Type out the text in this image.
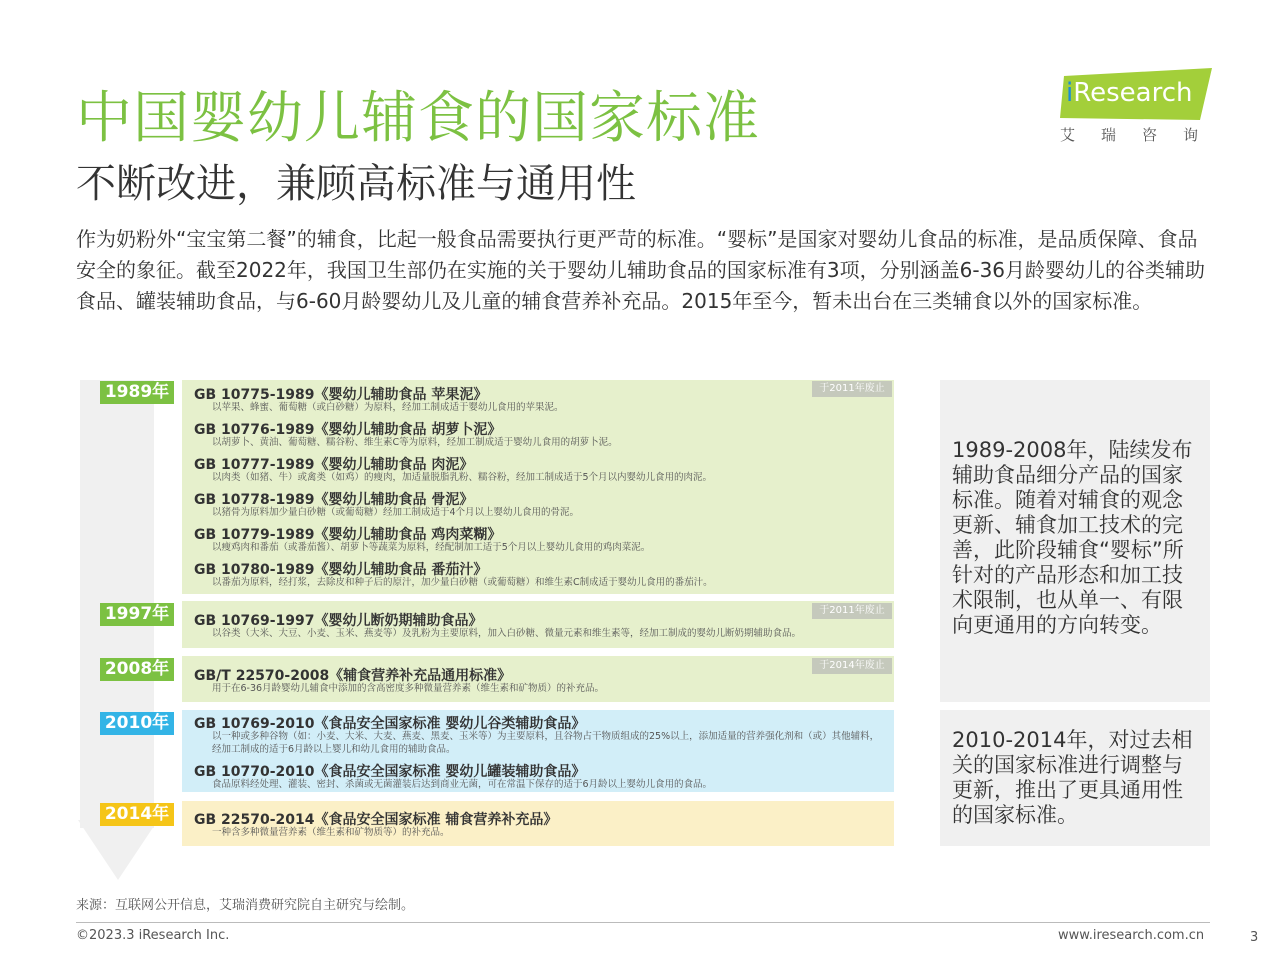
中国婴幼儿辅食的国家标准
不断改进，兼顾高标准与通用性
iResearch
艾瑞咨询
作为奶粉外“宝宝第二餐”的辅食，比起一般食品需要执行更严苛的标准。“婴标”是国家对婴幼儿食品的标准，是品质保障、食品安全的象征。截至2022年，我国卫生部仍在实施的关于婴幼儿辅助食品的国家标准有3项，分别涵盖6-36月龄婴幼儿的谷类辅助食品、罐装辅助食品，与6-60月龄婴幼儿及儿童的辅食营养补充品。2015年至今，暂未出台在三类辅食以外的国家标准。
1989年
1997年
2008年
2010年
2014年
于2011年废止
于2011年废止
于2014年废止
GB 10775-1989《婴幼儿辅助食品 苹果泥》
以苹果、蜂蜜、葡萄糖（或白砂糖）为原料，经加工制成适于婴幼儿食用的苹果泥。
GB 10776-1989《婴幼儿辅助食品 胡萝卜泥》
以胡萝卜、黄油、葡萄糖、糯谷粉、维生素C等为原料，经加工制成适于婴幼儿食用的胡萝卜泥。
GB 10777-1989《婴幼儿辅助食品 肉泥》
以肉类（如猪、牛）或禽类（如鸡）的瘦肉，加适量脱脂乳粉、糯谷粉，经加工制成适于5个月以内婴幼儿食用的肉泥。
GB 10778-1989《婴幼儿辅助食品 骨泥》
以猪骨为原料加少量白砂糖（或葡萄糖）经加工制成适于4个月以上婴幼儿食用的骨泥。
GB 10779-1989《婴幼儿辅助食品 鸡肉菜糊》
以瘦鸡肉和番茄（或番茄酱）、胡萝卜等蔬菜为原料，经配制加工适于5个月以上婴幼儿食用的鸡肉菜泥。
GB 10780-1989《婴幼儿辅助食品 番茄汁》
以番茄为原料，经打浆，去除皮和种子后的原汁，加少量白砂糖（或葡萄糖）和维生素C制成适于婴幼儿食用的番茄汁。
GB 10769-1997《婴幼儿断奶期辅助食品》
以谷类（大米、大豆、小麦、玉米、燕麦等）及乳粉为主要原料，加入白砂糖、微量元素和维生素等，经加工制成的婴幼儿断奶期辅助食品。
GB/T 22570-2008《辅食营养补充品通用标准》
用于在6-36月龄婴幼儿辅食中添加的含高密度多种微量营养素（维生素和矿物质）的补充品。
GB 10769-2010《食品安全国家标准 婴幼儿谷类辅助食品》
以一种或多种谷物（如：小麦、大米、大麦、燕麦、黑麦、玉米等）为主要原料，且谷物占干物质组成的25%以上，添加适量的营养强化剂和（或）其他辅料，经加工制成的适于6月龄以上婴儿和幼儿食用的辅助食品。
GB 10770-2010《食品安全国家标准 婴幼儿罐装辅助食品》
食品原料经处理、灌装、密封、杀菌或无菌灌装后达到商业无菌，可在常温下保存的适于6月龄以上婴幼儿食用的食品。
GB 22570-2014《食品安全国家标准 辅食营养补充品》
一种含多种微量营养素（维生素和矿物质等）的补充品。

1989-2008年，陆续发布辅助食品细分产品的国家标准。随着对辅食的观念更新、辅食加工技术的完善，此阶段辅食“婴标”所针对的产品形态和加工技术限制，也从单一、有限向更通用的方向转变。

2010-2014年，对过去相关的国家标准进行调整与更新，推出了更具通用性的国家标准。

来源：互联网公开信息，艾瑞消费研究院自主研究与绘制。
©2023.3 iResearch Inc.	www.iresearch.com.cn	3
